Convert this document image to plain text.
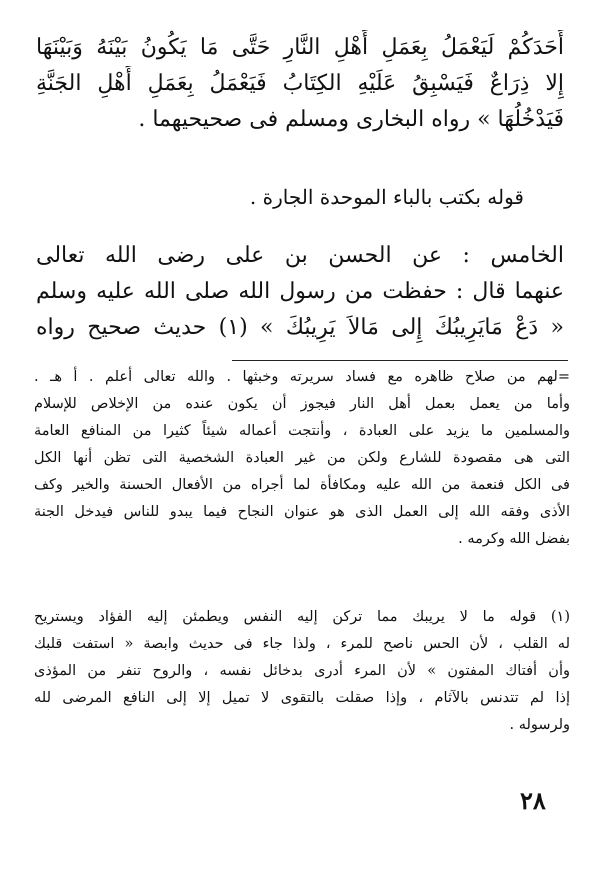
أَحَدَكُمْ لَيَعْمَلُ بِعَمَلِ أَهْلِ النَّارِ حَتَّى مَا يَكُونُ بَيْنَهُ وَبَيْنَهَا
إِلا ذِرَاعٌ فَيَسْبِقُ عَلَيْهِ الكِتَابُ فَيَعْمَلُ بِعَمَلِ أَهْلِ الجَنَّةِ
فَيَدْخُلُهَا » رواه البخارى ومسلم فى صحيحيهما .
قوله بكتب بالباء الموحدة الجارة .
الخامس : عن الحسن بن على رضى الله تعالى
عنهما قال : حفظت من رسول الله صلى الله عليه وسلم
« دَعْ مَايَرِيبُكَ إِلى مَالاَ يَرِيبُكَ » (١) حديث صحيح رواه
=لهم من صلاح ظاهره مع فساد سريرته وخبثها . والله تعالى أعلم . أ هـ .
وأما من يعمل بعمل أهل النار فيجوز أن يكون عنده من الإخلاص للإسلام
والمسلمين ما يزيد على العبادة ، وأنتجت أعماله شيئاً كثيرا من المنافع العامة
التى هى مقصودة للشارع ولكن من غير العبادة الشخصية التى تظن أنها الكل
فى الكل فنعمة من الله عليه ومكافأة لما أجراه من الأفعال الحسنة والخير وكف
الأذى وفقه الله إلى العمل الذى هو عنوان النجاح فيما يبدو للناس فيدخل الجنة
بفضل الله وكرمه .
(١) قوله ما لا يريبك مما تركن إليه النفس ويطمئن إليه الفؤاد ويستريح
له القلب ، لأن الحس ناصح للمرء ، ولذا جاء فى حديث وابصة « استفت قلبك
وأن أفتاك المفتون » لأن المرء أدرى بدخائل نفسه ، والروح تنفر من المؤذى
إذا لم تتدنس بالآثام ، وإذا صقلت بالتقوى لا تميل إلا إلى النافع المرضى لله
ولرسوله .
٢٨
